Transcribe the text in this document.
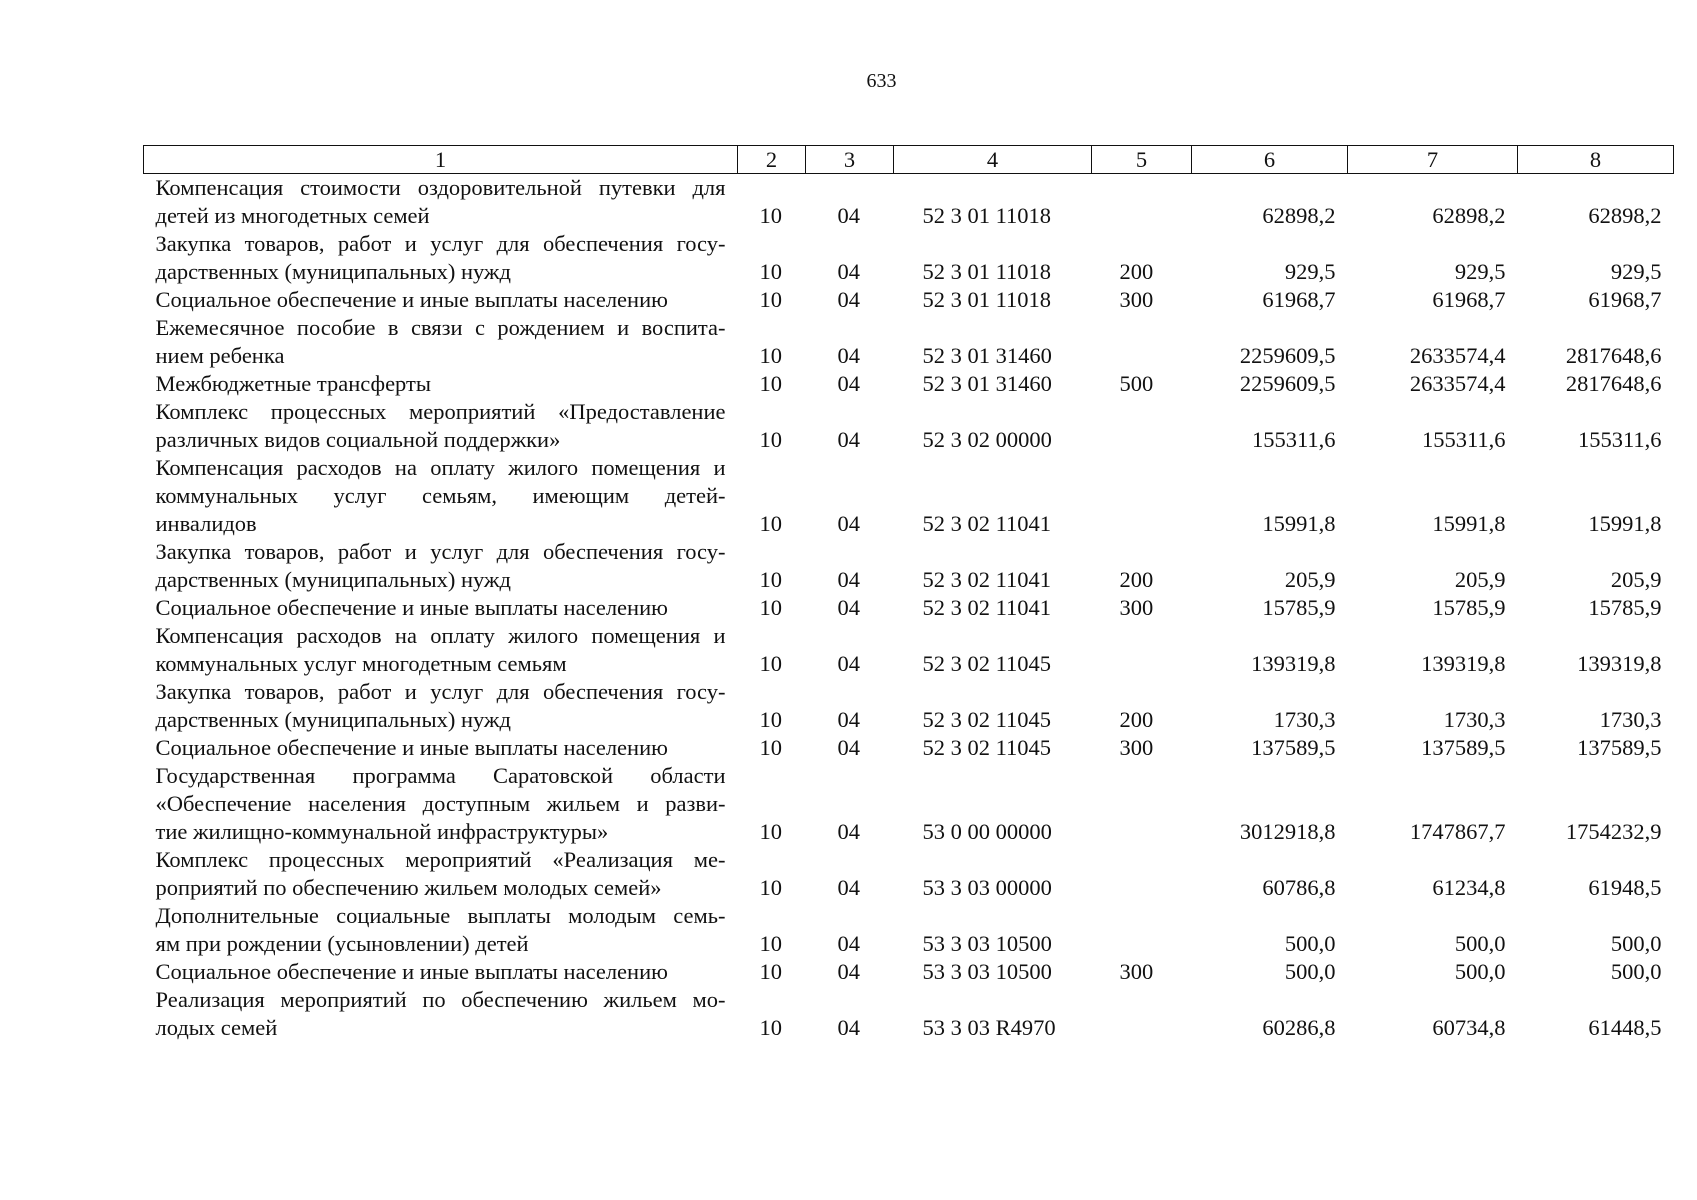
633
1	2	3	4	5	6	7	8

Компенсация стоимости оздоровительной путевки для
детей из многодетных семей	10	04	52 3 01 11018		62898,2	62898,2	62898,2

Закупка товаров, работ и услуг для обеспечения госу-
дарственных (муниципальных) нужд	10	04	52 3 01 11018	200	929,5	929,5	929,5

Социальное обеспечение и иные выплаты населению	10	04	52 3 01 11018	300	61968,7	61968,7	61968,7

Ежемесячное пособие в связи с рождением и воспита-
нием ребенка	10	04	52 3 01 31460		2259609,5	2633574,4	2817648,6

Межбюджетные трансферты	10	04	52 3 01 31460	500	2259609,5	2633574,4	2817648,6

Комплекс процессных мероприятий «Предоставление
различных видов социальной поддержки»	10	04	52 3 02 00000		155311,6	155311,6	155311,6

Компенсация расходов на оплату жилого помещения и
коммунальных услуг семьям, имеющим детей-
инвалидов	10	04	52 3 02 11041		15991,8	15991,8	15991,8

Закупка товаров, работ и услуг для обеспечения госу-
дарственных (муниципальных) нужд	10	04	52 3 02 11041	200	205,9	205,9	205,9

Социальное обеспечение и иные выплаты населению	10	04	52 3 02 11041	300	15785,9	15785,9	15785,9

Компенсация расходов на оплату жилого помещения и
коммунальных услуг многодетным семьям	10	04	52 3 02 11045		139319,8	139319,8	139319,8

Закупка товаров, работ и услуг для обеспечения госу-
дарственных (муниципальных) нужд	10	04	52 3 02 11045	200	1730,3	1730,3	1730,3

Социальное обеспечение и иные выплаты населению	10	04	52 3 02 11045	300	137589,5	137589,5	137589,5

Государственная программа Саратовской области
«Обеспечение населения доступным жильем и разви-
тие жилищно-коммунальной инфраструктуры»	10	04	53 0 00 00000		3012918,8	1747867,7	1754232,9

Комплекс процессных мероприятий «Реализация ме-
роприятий по обеспечению жильем молодых семей»	10	04	53 3 03 00000		60786,8	61234,8	61948,5

Дополнительные социальные выплаты молодым семь-
ям при рождении (усыновлении) детей	10	04	53 3 03 10500		500,0	500,0	500,0

Социальное обеспечение и иные выплаты населению	10	04	53 3 03 10500	300	500,0	500,0	500,0

Реализация мероприятий по обеспечению жильем мо-
лодых семей	10	04	53 3 03 R4970		60286,8	60734,8	61448,5
